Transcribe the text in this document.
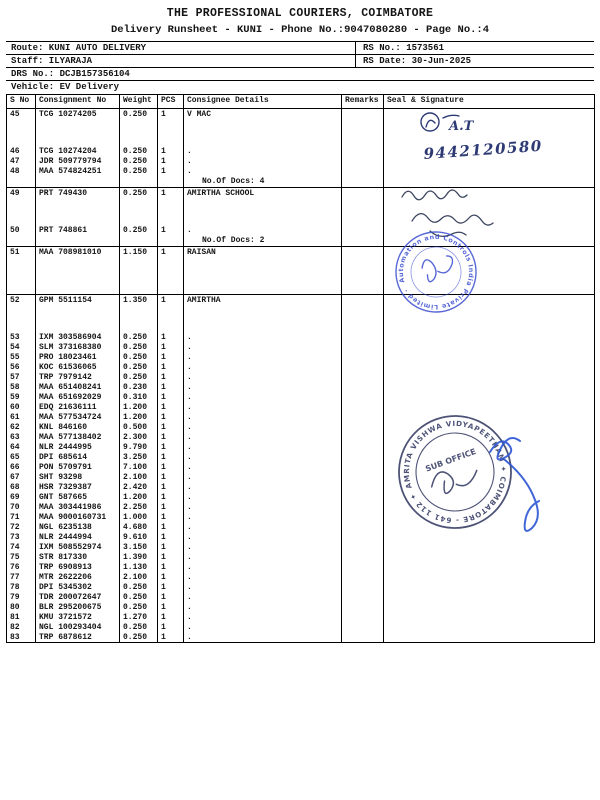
THE PROFESSIONAL COURIERS, COIMBATORE
Delivery Runsheet - KUNI - Phone No.:9047080280 - Page No.:4
Route: KUNI AUTO DELIVERY	RS No.: 1573561
Staff: ILYARAJA	RS Date: 30-Jun-2025
DRS No.: DCJB157356104
Vehicle: EV Delivery
S No	Consignment No	Weight	PCS	Consignee Details	Remarks	Seal & Signature
45	TCG 10274205	0.250	1	V MAC		
46	TCG 10274204	0.250	1	.		
47	JDR 509779794	0.250	1	.		
48	MAA 574824251	0.250	1	.		
				No.Of Docs: 4		
49	PRT 749430	0.250	1	AMIRTHA SCHOOL		
50	PRT 748861	0.250	1	.		
				No.Of Docs: 2		
51	MAA 708981010	1.150	1	RAISAN		
52	GPM 5511154	1.350	1	AMIRTHA		
53	IXM 303586904	0.250	1	.		
54	SLM 373168380	0.250	1	.		
55	PRO 18023461	0.250	1	.		
56	KOC 61536065	0.250	1	.		
57	TRP 7979142	0.250	1	.		
58	MAA 651408241	0.230	1	.		
59	MAA 651692029	0.310	1	.		
60	EDQ 21636111	1.200	1	.		
61	MAA 577534724	1.200	1	.		
62	KNL 846160	0.500	1	.		
63	MAA 577138402	2.300	1	.		
64	NLR 2444995	9.790	1	.		
65	DPI 685614	3.250	1	.		
66	PON 5709791	7.100	1	.		
67	SHT 93298	2.100	1	.		
68	HSR 7329387	2.420	1	.		
69	GNT 587665	1.200	1	.		
70	MAA 303441986	2.250	1	.		
71	MAA 9000160731	1.000	1	.		
72	NGL 6235138	4.680	1	.		
73	NLR 2444994	9.610	1	.		
74	IXM 508552974	3.150	1	.		
75	STR 817330	1.390	1	.		
76	TRP 6908913	1.130	1	.		
77	MTR 2622206	2.100	1	.		
78	DPI 5345302	0.250	1	.		
79	TDR 200072647	0.250	1	.		
80	BLR 295200675	0.250	1	.		
81	KMU 3721572	1.270	1	.		
82	NGL 100293404	0.250	1	.		
83	TRP 6878612	0.250	1	.		
A.T
9442120580
Automation and Controls India Private Limited ·
AMRITA VISHWA VIDYAPEETHAM ✦ COIMBATORE - 641 112 ✦
SUB OFFICE
